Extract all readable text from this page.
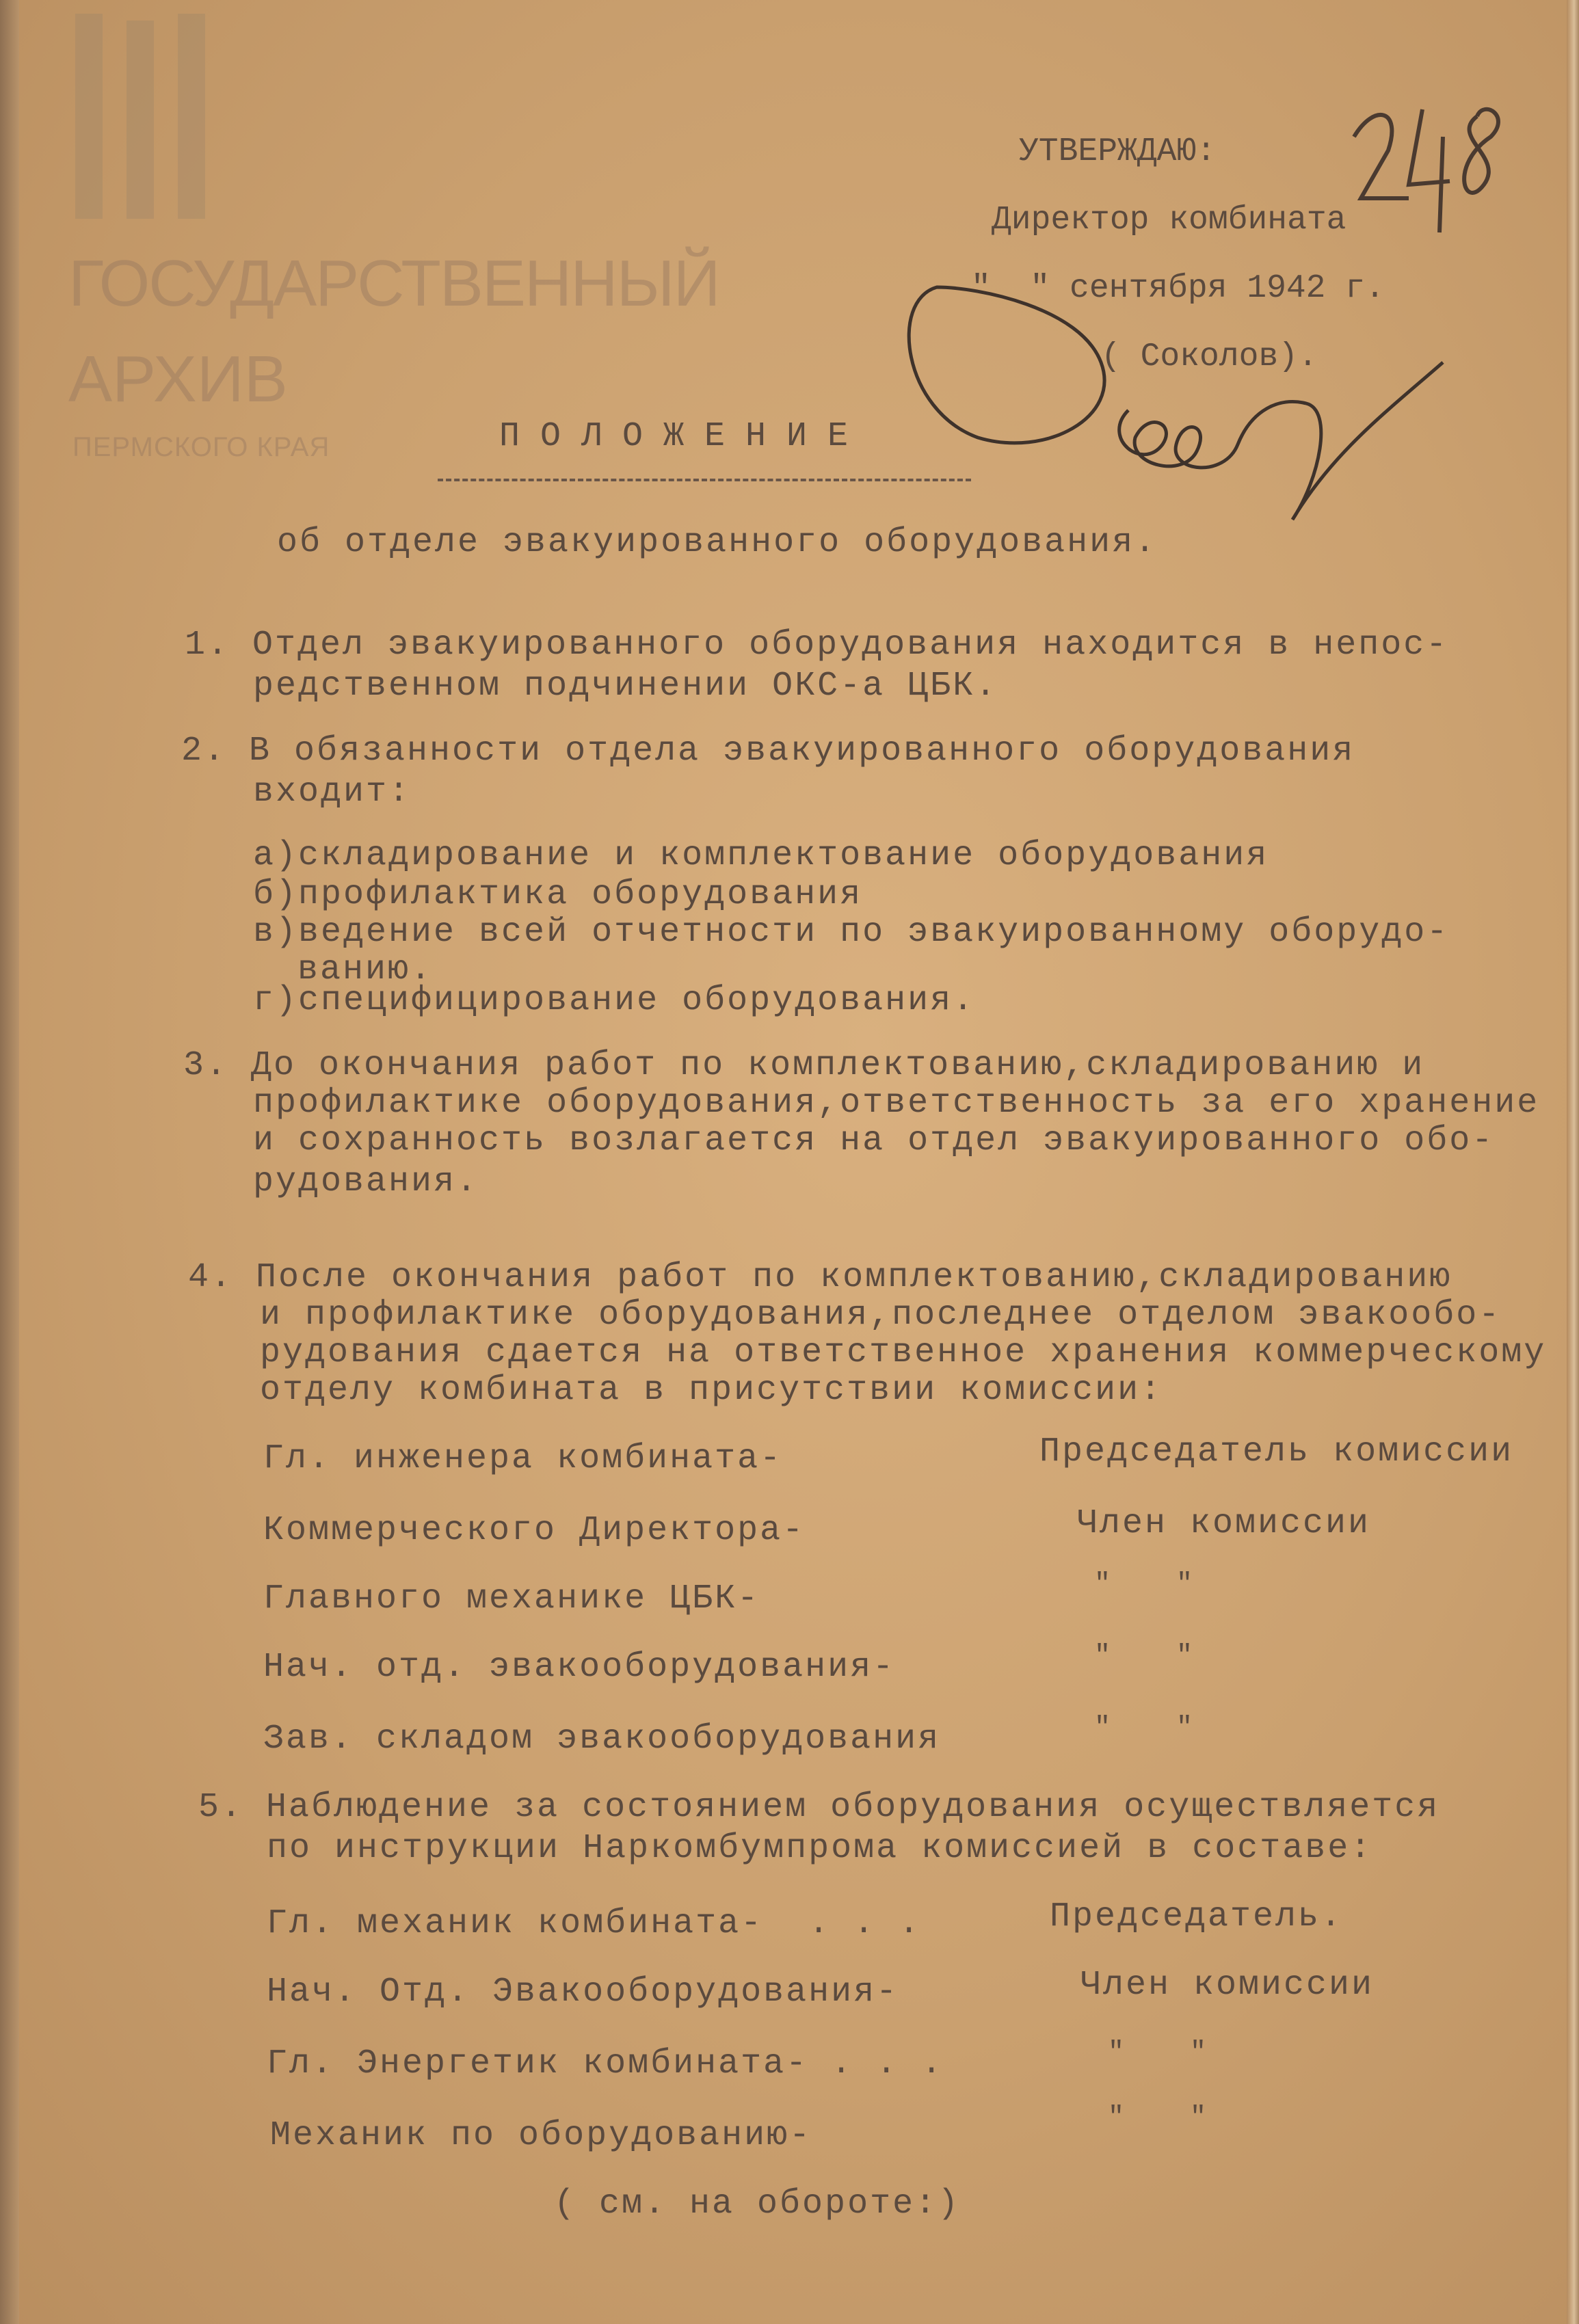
ГОСУДАРСТВЕННЫЙ
АРХИВ
ПЕРМСКОГО КРАЯ
УТВЕРЖДАЮ:
Директор комбината
"  " сентября 1942 г.
( Соколов).
ПОЛОЖЕНИЕ
об отделе эвакуированного оборудования.
1. Отдел эвакуированного оборудования находится в непос-
редственном подчинении ОКС-а ЦБК.
2. В обязанности отдела эвакуированного оборудования
входит:
а)складирование и комплектование оборудования
б)профилактика оборудования
в)ведение всей отчетности по эвакуированному оборудо-
ванию.
г)специфицирование оборудования.
3. До окончания работ по комплектованию,складированию и
профилактике оборудования,ответственность за его хранение
и сохранность возлагается на отдел эвакуированного обо-
рудования.
4. После окончания работ по комплектованию,складированию
и профилактике оборудования,последнее отделом эвакообо-
рудования сдается на ответственное хранения коммерческому
отделу комбината в присутствии комиссии:
Гл. инженера комбината-	Председатель комиссии
Коммерческого Директора-	Член комиссии
Главного механике ЦБК-	"    "
Нач. отд. эвакооборудования-	"    "
Зав. складом эвакооборудования	"    "
5. Наблюдение за состоянием оборудования осуществляется
по инструкции Наркомбумпрома комиссией в составе:
Гл. механик комбината-  . . .	Председатель.
Нач. Отд. Эвакооборудования-	Член комиссии
Гл. Энергетик комбината- . . .	"    "
Механик по оборудованию-	"    "
( см. на обороте:)
